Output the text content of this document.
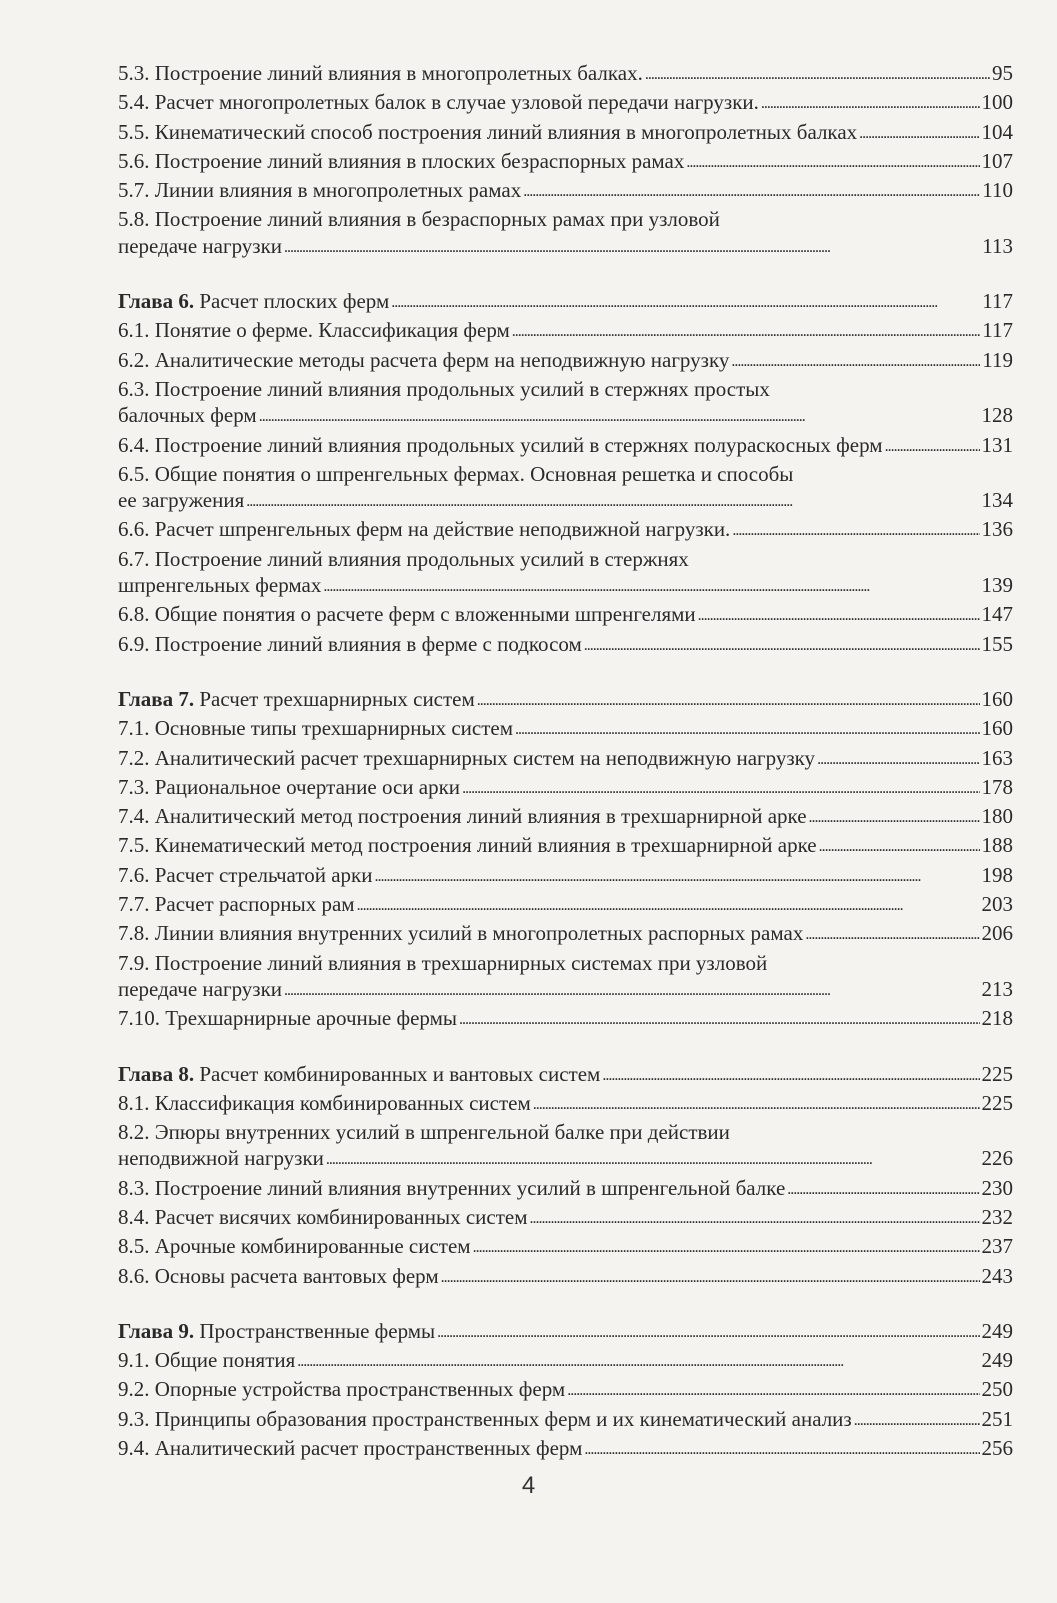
5.3. Построение линий влияния в многопролетных балках. . . .	95
5.4. Расчет многопролетных балок в случае узловой передачи нагрузки. . . .	100
5.5. Кинематический способ построения линий влияния в многопролетных балках . . .	104
5.6. Построение линий влияния в плоских безраспорных рамах . . .	107
5.7. Линии влияния в многопролетных рамах . . .	110
5.8. Построение линий влияния в безраспорных рамах при узловой
передаче нагрузки . . .	113
Глава 6. Расчет плоских ферм . . .	117
6.1. Понятие о ферме. Классификация ферм . . .	117
6.2. Аналитические методы расчета ферм на неподвижную нагрузку . . .	119
6.3. Построение линий влияния продольных усилий в стержнях простых
балочных ферм . . .	128
6.4. Построение линий влияния продольных усилий в стержнях полураскосных ферм . . .	131
6.5. Общие понятия о шпренгельных фермах. Основная решетка и способы
ее загружения . . .	134
6.6. Расчет шпренгельных ферм на действие неподвижной нагрузки. . . .	136
6.7. Построение линий влияния продольных усилий в стержнях
шпренгельных фермах . . .	139
6.8. Общие понятия о расчете ферм с вложенными шпренгелями . . .	147
6.9. Построение линий влияния в ферме с подкосом . . .	155
Глава 7. Расчет трехшарнирных систем . . .	160
7.1. Основные типы трехшарнирных систем . . .	160
7.2. Аналитический расчет трехшарнирных систем на неподвижную нагрузку . . .	163
7.3. Рациональное очертание оси арки . . .	178
7.4. Аналитический метод построения линий влияния в трехшарнирной арке . . .	180
7.5. Кинематический метод построения линий влияния в трехшарнирной арке . . .	188
7.6. Расчет стрельчатой арки . . .	198
7.7. Расчет распорных рам . . .	203
7.8. Линии влияния внутренних усилий в многопролетных распорных рамах . . .	206
7.9. Построение линий влияния в трехшарнирных системах при узловой
передаче нагрузки . . .	213
7.10. Трехшарнирные арочные фермы . . .	218
Глава 8. Расчет комбинированных и вантовых систем . . .	225
8.1. Классификация комбинированных систем . . .	225
8.2. Эпюры внутренних усилий в шпренгельной балке при действии
неподвижной нагрузки . . .	226
8.3. Построение линий влияния внутренних усилий в шпренгельной балке . . .	230
8.4. Расчет висячих комбинированных систем . . .	232
8.5. Арочные комбинированные систем . . .	237
8.6. Основы расчета вантовых ферм . . .	243
Глава 9. Пространственные фермы . . .	249
9.1. Общие понятия . . .	249
9.2. Опорные устройства пространственных ферм . . .	250
9.3. Принципы образования пространственных ферм и их кинематический анализ . . .	251
9.4. Аналитический расчет пространственных ферм . . .	256
4
